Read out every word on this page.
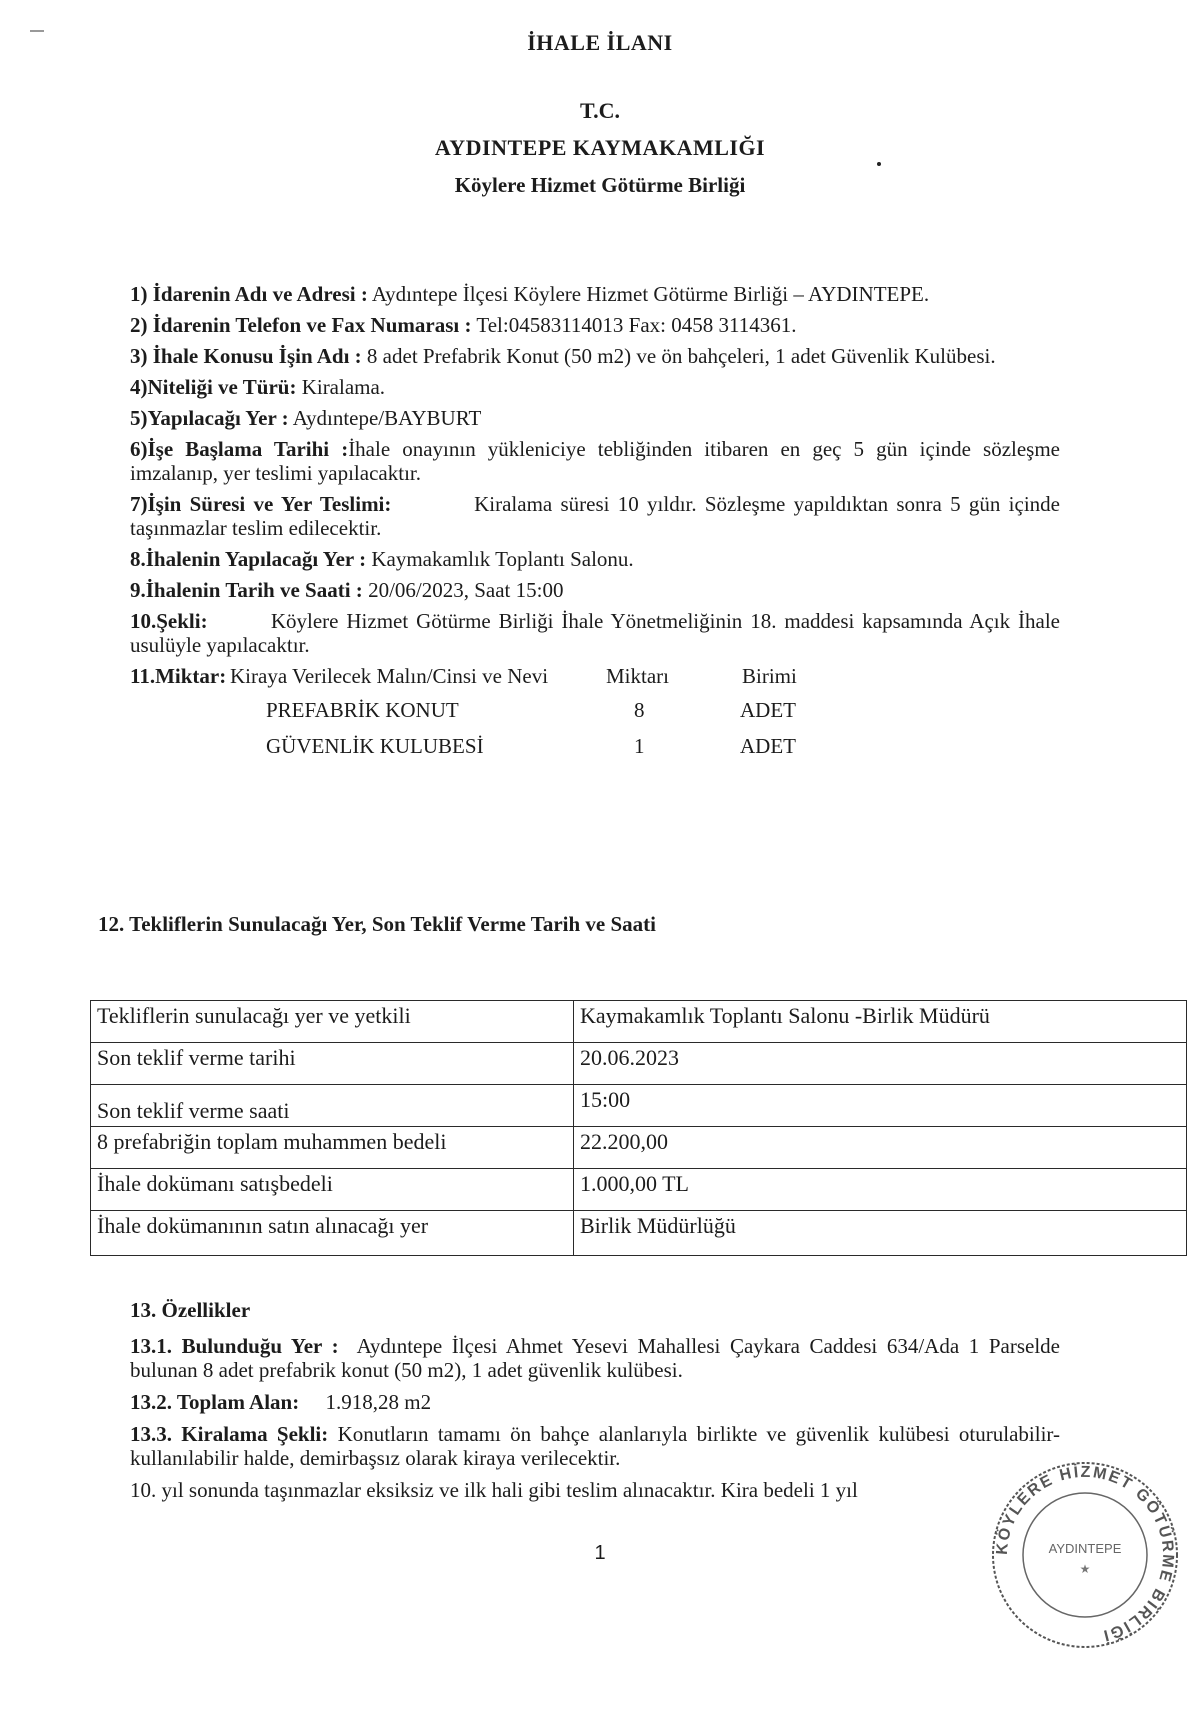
İHALE İLANI
T.C.
AYDINTEPE KAYMAKAMLIĞI
Köylere Hizmet Götürme Birliği
1) İdarenin Adı ve Adresi : Aydıntepe İlçesi Köylere Hizmet Götürme Birliği – AYDINTEPE.
2) İdarenin Telefon ve Fax Numarası : Tel:04583114013 Fax: 0458 3114361.
3) İhale Konusu İşin Adı : 8 adet Prefabrik Konut (50 m2) ve ön bahçeleri, 1 adet Güvenlik Kulübesi.
4)Niteliği ve Türü: Kiralama.
5)Yapılacağı Yer : Aydıntepe/BAYBURT
6)İşe Başlama Tarihi :İhale onayının yükleniciye tebliğinden itibaren en geç 5 gün içinde sözleşme imzalanıp, yer teslimi yapılacaktır.
7)İşin Süresi ve Yer Teslimi:          Kiralama süresi 10 yıldır. Sözleşme yapıldıktan sonra 5 gün içinde taşınmazlar teslim edilecektir.
8.İhalenin Yapılacağı Yer : Kaymakamlık Toplantı Salonu.
9.İhalenin Tarih ve Saati : 20/06/2023, Saat 15:00
10.Şekli:        Köylere Hizmet Götürme Birliği İhale Yönetmeliğinin 18. maddesi kapsamında Açık İhale usulüyle yapılacaktır.
11.Miktar: Kiraya Verilecek Malın/Cinsi ve Nevi	Miktarı	Birimi
PREFABRİK KONUT	8	ADET
GÜVENLİK KULUBESİ	1	ADET
12. Tekliflerin Sunulacağı Yer, Son Teklif Verme Tarih ve Saati
Tekliflerin sunulacağı yer ve yetkili	Kaymakamlık Toplantı Salonu -Birlik Müdürü
Son teklif verme tarihi	20.06.2023
Son teklif verme saati	15:00
8 prefabriğin toplam muhammen bedeli	22.200,00
İhale dokümanı satışbedeli	1.000,00 TL
İhale dokümanının satın alınacağı yer	Birlik Müdürlüğü
13. Özellikler
13.1. Bulunduğu Yer :  Aydıntepe İlçesi Ahmet Yesevi Mahallesi Çaykara Caddesi 634/Ada 1 Parselde bulunan 8 adet prefabrik konut (50 m2), 1 adet güvenlik kulübesi.
13.2. Toplam Alan:     1.918,28 m2
13.3. Kiralama Şekli: Konutların tamamı ön bahçe alanlarıyla birlikte ve güvenlik kulübesi oturulabilir-kullanılabilir halde, demirbaşsız olarak kiraya verilecektir.
10. yıl sonunda taşınmazlar eksiksiz ve ilk hali gibi teslim alınacaktır. Kira bedeli 1 yıl
1	KÖYLERE HİZMET GÖTÜRME BİRLİĞİ
AYDINTEPE
★
